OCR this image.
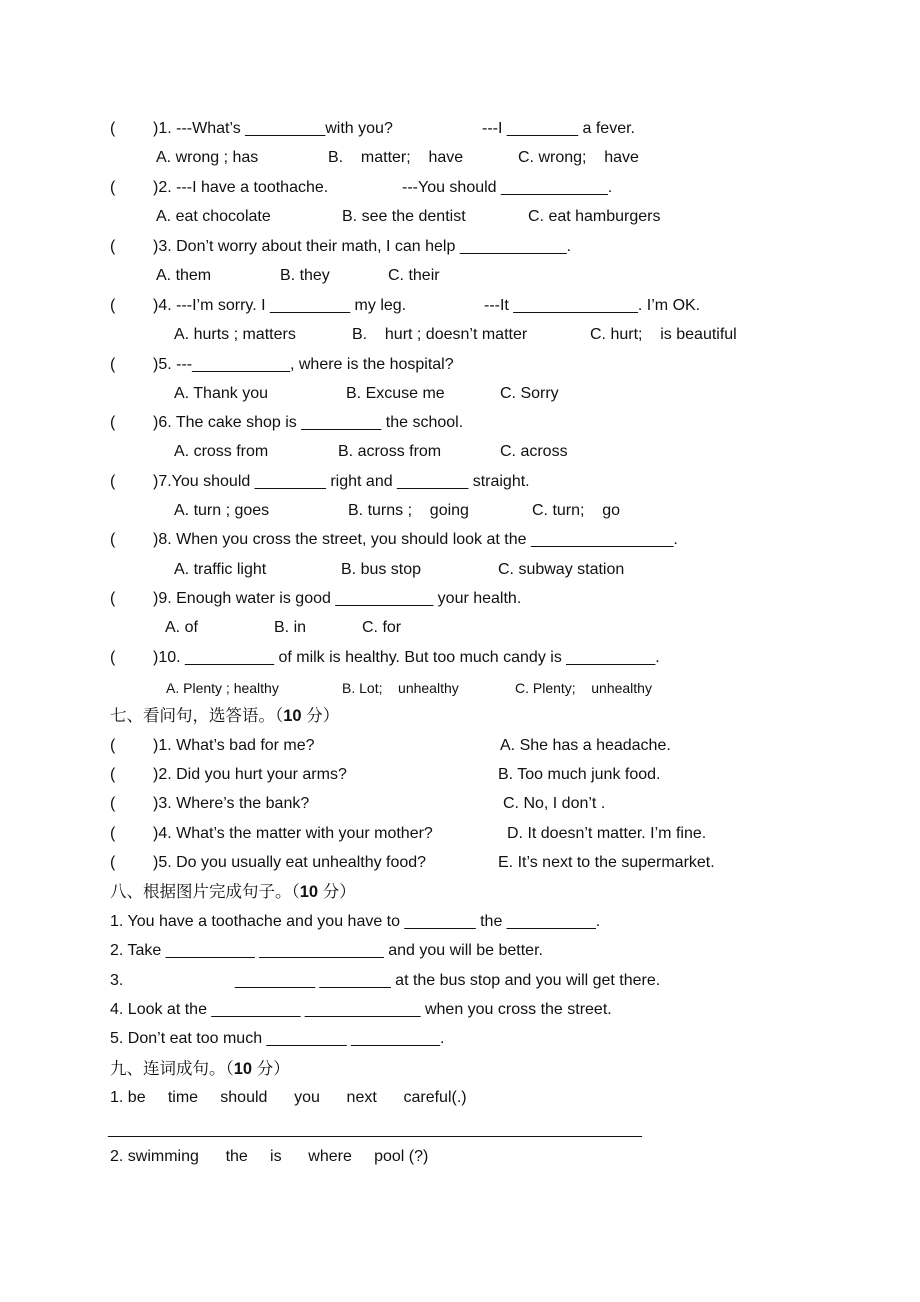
( )1. ---What’s _________with you?	---I ________ a fever.
A. wrong ; has	B.    matter;    have	C. wrong;    have
( )2. ---I have a toothache.	---You should ____________.
A. eat chocolate	B. see the dentist	C. eat hamburgers
( )3. Don’t worry about their math, I can help ____________.
A. them	B. they	C. their
( )4. ---I’m sorry. I _________ my leg.	---It ______________. I’m OK.
A. hurts ; matters	B.    hurt ; doesn’t matter	C. hurt;    is beautiful
( )5. ---___________, where is the hospital?
A. Thank you	B. Excuse me	C. Sorry
( )6. The cake shop is _________ the school.
A. cross from	B. across from	C. across
( )7.You should ________ right and ________ straight.
A. turn ; goes	B. turns ;    going	C. turn;    go
( )8. When you cross the street, you should look at the ________________.
A. traffic light	B. bus stop	C. subway station
( )9. Enough water is good ___________ your health.
A. of	B. in	C. for
( )10. __________ of milk is healthy. But too much candy is __________.
A. Plenty ; healthy	B. Lot;    unhealthy	C. Plenty;    unhealthy
七、看问句，选答语。（10 分）
( )1. What’s bad for me?	A. She has a headache.
( )2. Did you hurt your arms?	B. Too much junk food.
( )3. Where’s the bank?	C. No, I don’t .
( )4. What’s the matter with your mother?	D. It doesn’t matter. I’m fine.
( )5. Do you usually eat unhealthy food?	E. It’s next to the supermarket.
八、根据图片完成句子。（10 分）
1. You have a toothache and you have to ________ the __________.
2. Take __________ ______________ and you will be better.
3.	_________ ________ at the bus stop and you will get there.
4. Look at the __________ _____________ when you cross the street.
5. Don’t eat too much _________ __________.
九、连词成句。（10 分）
1. be     time     should      you      next      careful(.)
____________________________________________________________
2. swimming      the     is      where     pool (?)
